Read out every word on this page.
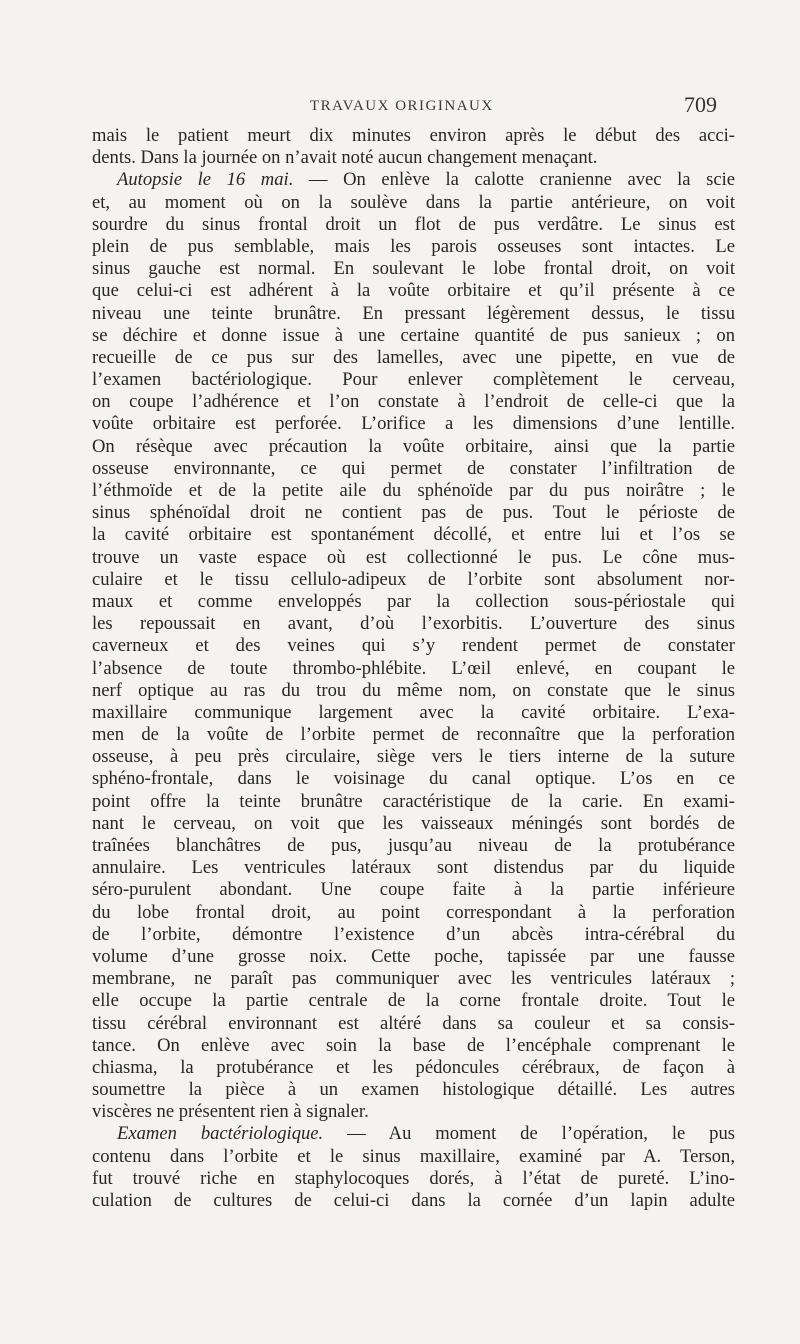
TRAVAUX ORIGINAUX	709
mais le patient meurt dix minutes environ après le début des acci-
dents. Dans la journée on n’avait noté aucun changement menaçant.
Autopsie le 16 mai. — On enlève la calotte cranienne avec la scie
et, au moment où on la soulève dans la partie antérieure, on voit
sourdre du sinus frontal droit un flot de pus verdâtre. Le sinus est
plein de pus semblable, mais les parois osseuses sont intactes. Le
sinus gauche est normal. En soulevant le lobe frontal droit, on voit
que celui-ci est adhérent à la voûte orbitaire et qu’il présente à ce
niveau une teinte brunâtre. En pressant légèrement dessus, le tissu
se déchire et donne issue à une certaine quantité de pus sanieux ; on
recueille de ce pus sur des lamelles, avec une pipette, en vue de
l’examen bactériologique. Pour enlever complètement le cerveau,
on coupe l’adhérence et l’on constate à l’endroit de celle-ci que la
voûte orbitaire est perforée. L’orifice a les dimensions d’une lentille.
On résèque avec précaution la voûte orbitaire, ainsi que la partie
osseuse environnante, ce qui permet de constater l’infiltration de
l’éthmoïde et de la petite aile du sphénoïde par du pus noirâtre ; le
sinus sphénoïdal droit ne contient pas de pus. Tout le périoste de
la cavité orbitaire est spontanément décollé, et entre lui et l’os se
trouve un vaste espace où est collectionné le pus. Le cône mus-
culaire et le tissu cellulo-adipeux de l’orbite sont absolument nor-
maux et comme enveloppés par la collection sous-périostale qui
les repoussait en avant, d’où l’exorbitis. L’ouverture des sinus
caverneux et des veines qui s’y rendent permet de constater
l’absence de toute thrombo-phlébite. L’œil enlevé, en coupant le
nerf optique au ras du trou du même nom, on constate que le sinus
maxillaire communique largement avec la cavité orbitaire. L’exa-
men de la voûte de l’orbite permet de reconnaître que la perforation
osseuse, à peu près circulaire, siège vers le tiers interne de la suture
sphéno-frontale, dans le voisinage du canal optique. L’os en ce
point offre la teinte brunâtre caractéristique de la carie. En exami-
nant le cerveau, on voit que les vaisseaux méningés sont bordés de
traînées blanchâtres de pus, jusqu’au niveau de la protubérance
annulaire. Les ventricules latéraux sont distendus par du liquide
séro-purulent abondant. Une coupe faite à la partie inférieure
du lobe frontal droit, au point correspondant à la perforation
de l’orbite, démontre l’existence d’un abcès intra-cérébral du
volume d’une grosse noix. Cette poche, tapissée par une fausse
membrane, ne paraît pas communiquer avec les ventricules latéraux ;
elle occupe la partie centrale de la corne frontale droite. Tout le
tissu cérébral environnant est altéré dans sa couleur et sa consis-
tance. On enlève avec soin la base de l’encéphale comprenant le
chiasma, la protubérance et les pédoncules cérébraux, de façon à
soumettre la pièce à un examen histologique détaillé. Les autres
viscères ne présentent rien à signaler.
Examen bactériologique. — Au moment de l’opération, le pus
contenu dans l’orbite et le sinus maxillaire, examiné par A. Terson,
fut trouvé riche en staphylocoques dorés, à l’état de pureté. L’ino-
culation de cultures de celui-ci dans la cornée d’un lapin adulte
